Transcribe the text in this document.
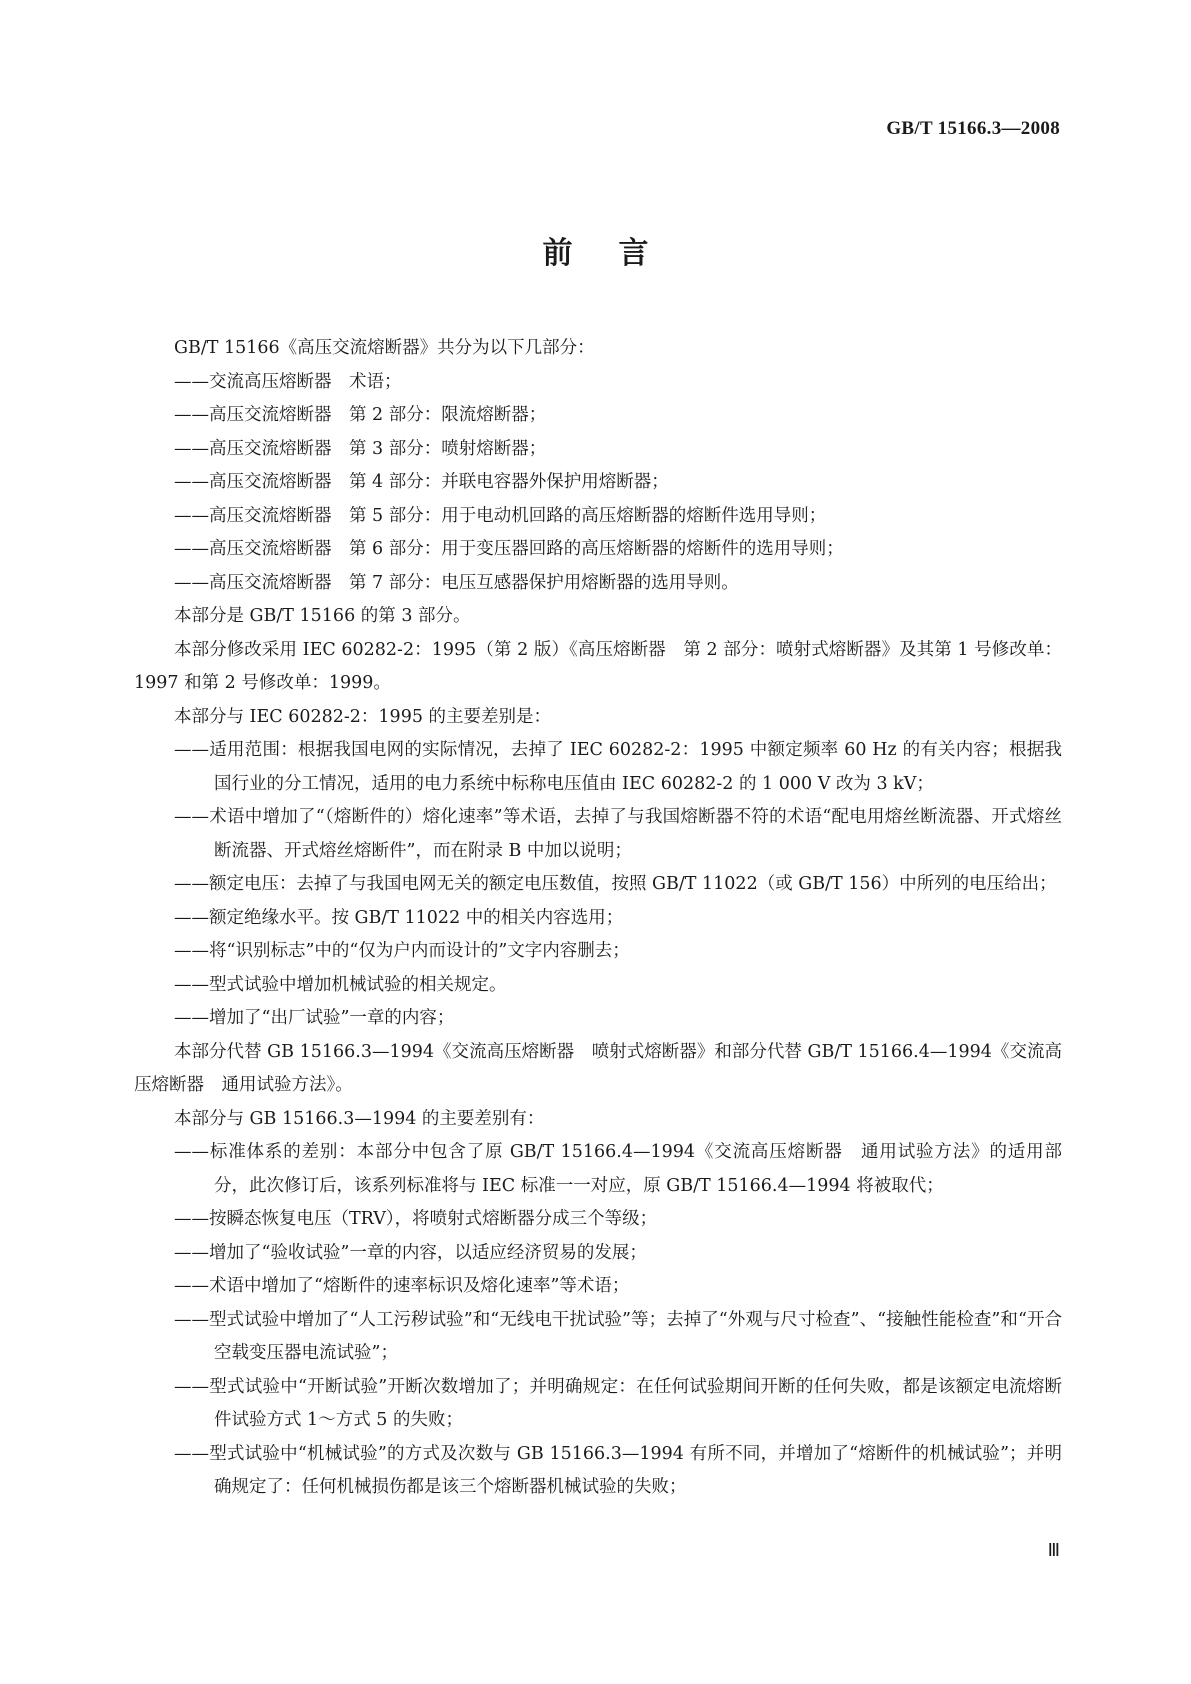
GB/T 15166.3—2008
前言

GB/T 15166《高压交流熔断器》共分为以下几部分：

——交流高压熔断器　术语；

——高压交流熔断器　第 2 部分：限流熔断器；

——高压交流熔断器　第 3 部分：喷射熔断器；

——高压交流熔断器　第 4 部分：并联电容器外保护用熔断器；

——高压交流熔断器　第 5 部分：用于电动机回路的高压熔断器的熔断件选用导则；

——高压交流熔断器　第 6 部分：用于变压器回路的高压熔断器的熔断件的选用导则；

——高压交流熔断器　第 7 部分：电压互感器保护用熔断器的选用导则。

本部分是 GB/T 15166 的第 3 部分。

本部分修改采用 IEC 60282-2：1995（第 2 版）《高压熔断器　第 2 部分：喷射式熔断器》及其第 1 号修改单：1997 和第 2 号修改单：1999。

本部分与 IEC 60282-2：1995 的主要差别是：

——适用范围：根据我国电网的实际情况，去掉了 IEC 60282-2：1995 中额定频率 60 Hz 的有关内容；根据我国行业的分工情况，适用的电力系统中标称电压值由 IEC 60282-2 的 1 000 V 改为 3 kV；

——术语中增加了“（熔断件的）熔化速率”等术语，去掉了与我国熔断器不符的术语“配电用熔丝断流器、开式熔丝断流器、开式熔丝熔断件”，而在附录 B 中加以说明；

——额定电压：去掉了与我国电网无关的额定电压数值，按照 GB/T 11022（或 GB/T 156）中所列的电压给出；

——额定绝缘水平。按 GB/T 11022 中的相关内容选用；

——将“识别标志”中的“仅为户内而设计的”文字内容删去；

——型式试验中增加机械试验的相关规定。

——增加了“出厂试验”一章的内容；

本部分代替 GB 15166.3—1994《交流高压熔断器　喷射式熔断器》和部分代替 GB/T 15166.4—1994《交流高压熔断器　通用试验方法》。

本部分与 GB 15166.3—1994 的主要差别有：

——标准体系的差别：本部分中包含了原 GB/T 15166.4—1994《交流高压熔断器　通用试验方法》的适用部分，此次修订后，该系列标准将与 IEC 标准一一对应，原 GB/T 15166.4—1994 将被取代；

——按瞬态恢复电压（TRV），将喷射式熔断器分成三个等级；

——增加了“验收试验”一章的内容，以适应经济贸易的发展；

——术语中增加了“熔断件的速率标识及熔化速率”等术语；

——型式试验中增加了“人工污秽试验”和“无线电干扰试验”等；去掉了“外观与尺寸检查”、“接触性能检查”和“开合空载变压器电流试验”；

——型式试验中“开断试验”开断次数增加了；并明确规定：在任何试验期间开断的任何失败，都是该额定电流熔断件试验方式 1～方式 5 的失败；

——型式试验中“机械试验”的方式及次数与 GB 15166.3—1994 有所不同，并增加了“熔断件的机械试验”；并明确规定了：任何机械损伤都是该三个熔断器机械试验的失败；

Ⅲ
